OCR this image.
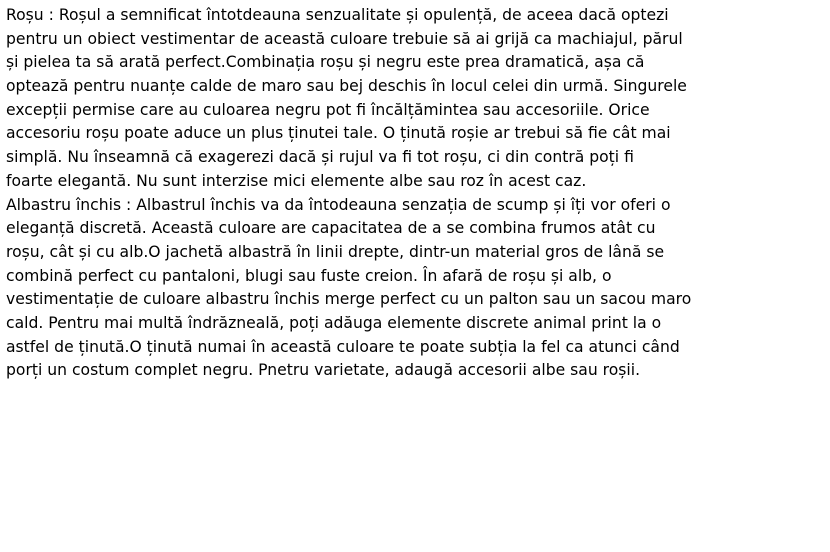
Roșu : Roșul a semnificat întotdeauna senzualitate și opulență, de aceea dacă optezi
pentru un obiect vestimentar de această culoare trebuie să ai grijă ca machiajul, părul
și pielea ta să arată perfect.Combinația roșu și negru este prea dramatică, așa că
optează pentru nuanțe calde de maro sau bej deschis în locul celei din urmă. Singurele
excepții permise care au culoarea negru pot fi încălțămintea sau accesoriile. Orice
accesoriu roșu poate aduce un plus ținutei tale. O ținută roșie ar trebui să fie cât mai
simplă. Nu înseamnă că exagerezi dacă și rujul va fi tot roșu, ci din contră poți fi
foarte elegantă. Nu sunt interzise mici elemente albe sau roz în acest caz.
Albastru închis : Albastrul închis va da întodeauna senzația de scump și îți vor oferi o
eleganță discretă. Această culoare are capacitatea de a se combina frumos atât cu
roșu, cât și cu alb.O jachetă albastră în linii drepte, dintr-un material gros de lână se
combină perfect cu pantaloni, blugi sau fuste creion. În afară de roșu și alb, o
vestimentație de culoare albastru închis merge perfect cu un palton sau un sacou maro
cald. Pentru mai multă îndrăzneală, poți adăuga elemente discrete animal print la o
astfel de ținută.O ținută numai în această culoare te poate subția la fel ca atunci când
porți un costum complet negru. Pnetru varietate, adaugă accesorii albe sau roșii.
